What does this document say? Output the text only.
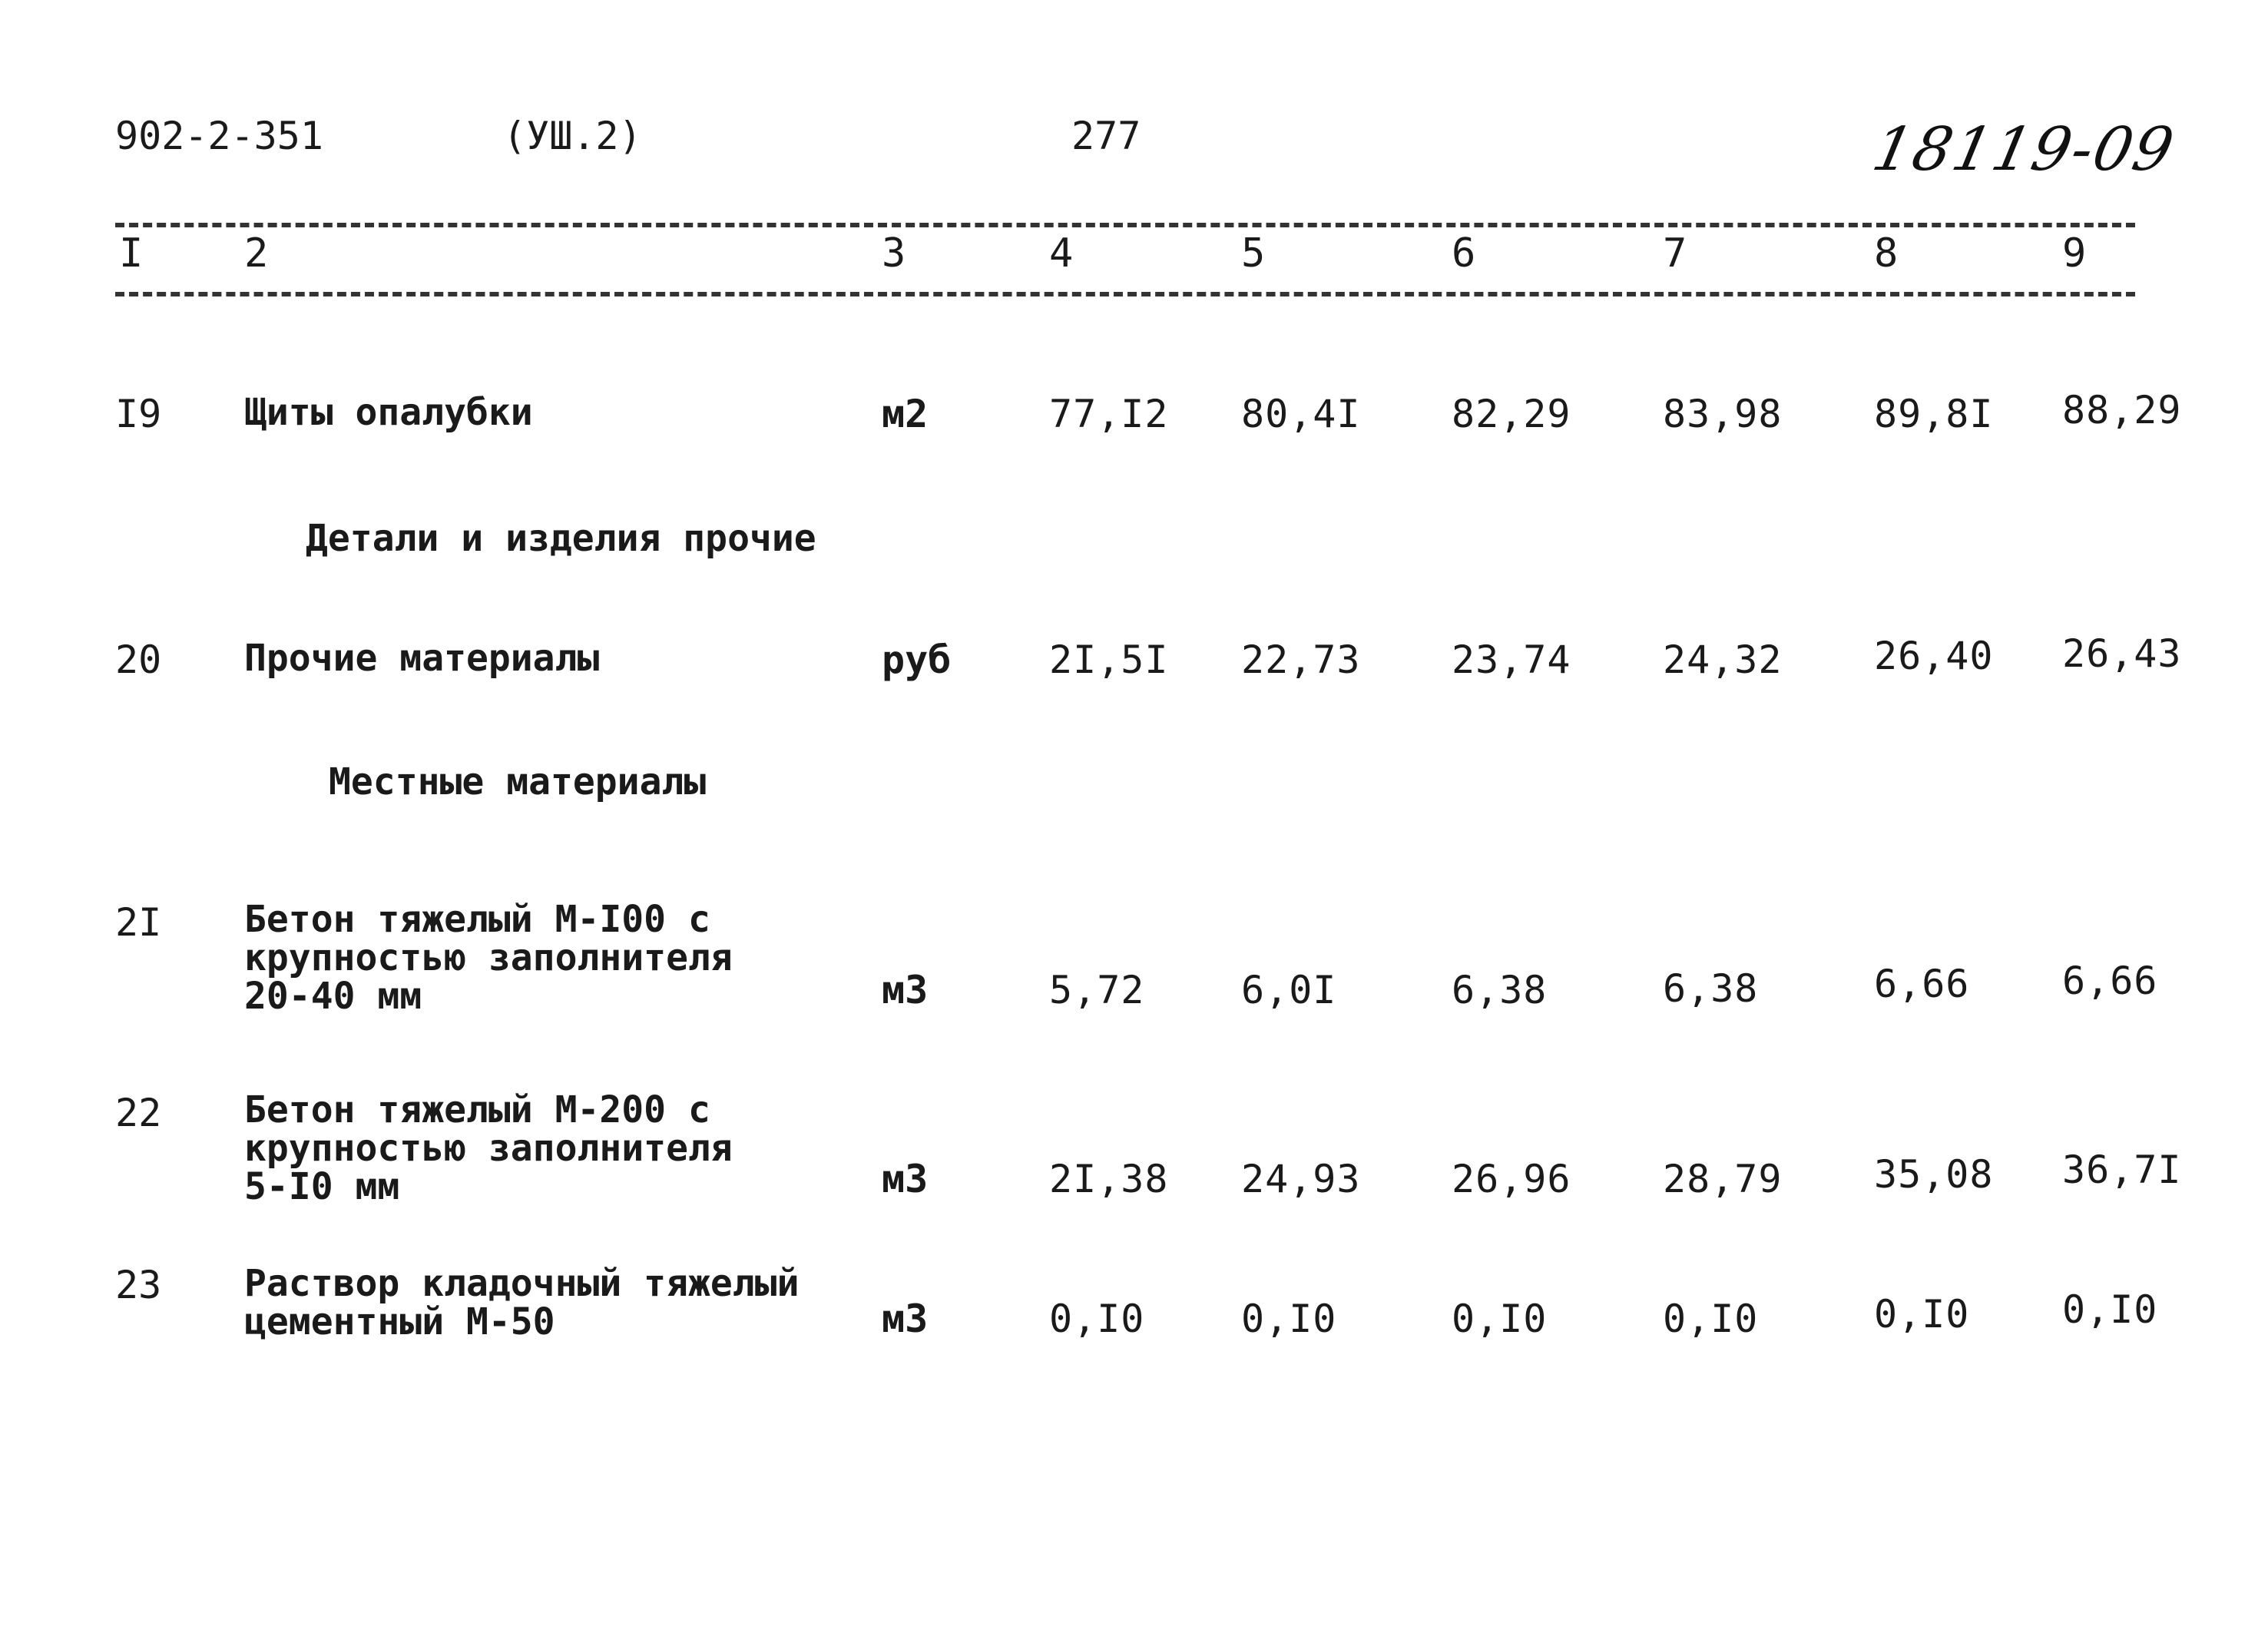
902-2-351	(УШ.2)	277	18119-09
I	2	3	4	5	6	7	8	9
I9 Щиты опалубки	м2	77,I2 80,4I 82,29 83,98 89,8I 88,29
Детали и изделия прочие
20 Прочие материалы	руб	2I,5I 22,73 23,74 24,32 26,40 26,43
Местные материалы
2I Бетон тяжелый М-I00 с
крупностью заполнителя
20-40 мм	м3	5,72	6,0I	6,38	6,38	6,66 6,66
22 Бетон тяжелый М-200 с
крупностью заполнителя
5-I0 мм	м3	2I,38 24,93 26,96 28,79 35,08 36,7I
23 Раствор кладочный тяжелый
цементный М-50	м3	0,I0	0,I0	0,I0	0,I0	0,I0 0,I0
